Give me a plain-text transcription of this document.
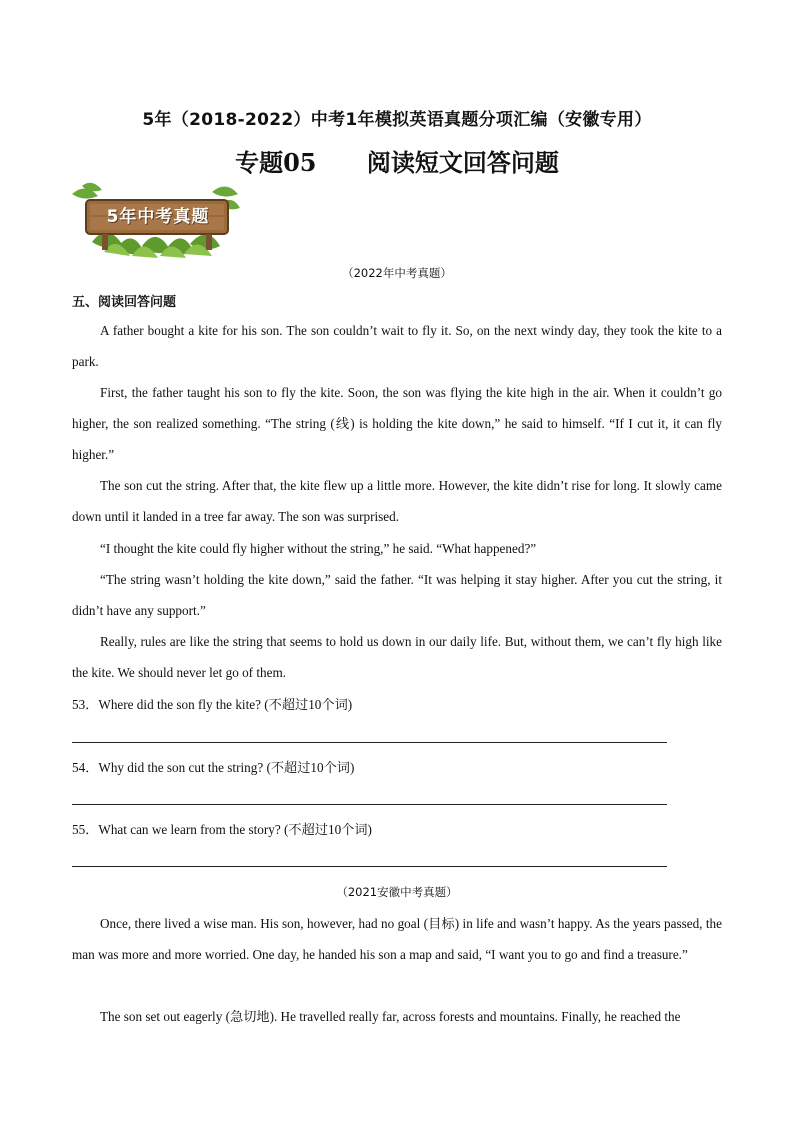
5年（2018-2022）中考1年模拟英语真题分项汇编（安徽专用）
专题05　 阅读短文回答问题
5年中考真题
（2022年中考真题）
五、阅读回答问题

A father bought a kite for his son. The son couldn’t wait to fly it. So, on the next windy day, they took the kite to a park.

First, the father taught his son to fly the kite. Soon, the son was flying the kite high in the air. When it couldn’t go higher, the son realized something. “The string (线) is holding the kite down,” he said to himself. “If I cut it, it can fly higher.”

The son cut the string. After that, the kite flew up a little more. However, the kite didn’t rise for long. It slowly came down until it landed in a tree far away. The son was surprised.

“I thought the kite could fly higher without the string,” he said. “What happened?”

“The string wasn’t holding the kite down,” said the father. “It was helping it stay higher. After you cut the string, it didn’t have any support.”

Really, rules are like the string that seems to hold us down in our daily life. But, without them, we can’t fly high like the kite. We should never let go of them.

53．Where did the son fly the kite? (不超过10个词)
54．Why did the son cut the string? (不超过10个词)
55．What can we learn from the story? (不超过10个词)
（2021安徽中考真题）

Once, there lived a wise man. His son, however, had no goal (目标) in life and wasn’t happy. As the years passed, the man was more and more worried. One day, he handed his son a map and said, “I want you to go and find a treasure.”

The son set out eagerly (急切地). He travelled really far, across forests and mountains. Finally, he reached the
